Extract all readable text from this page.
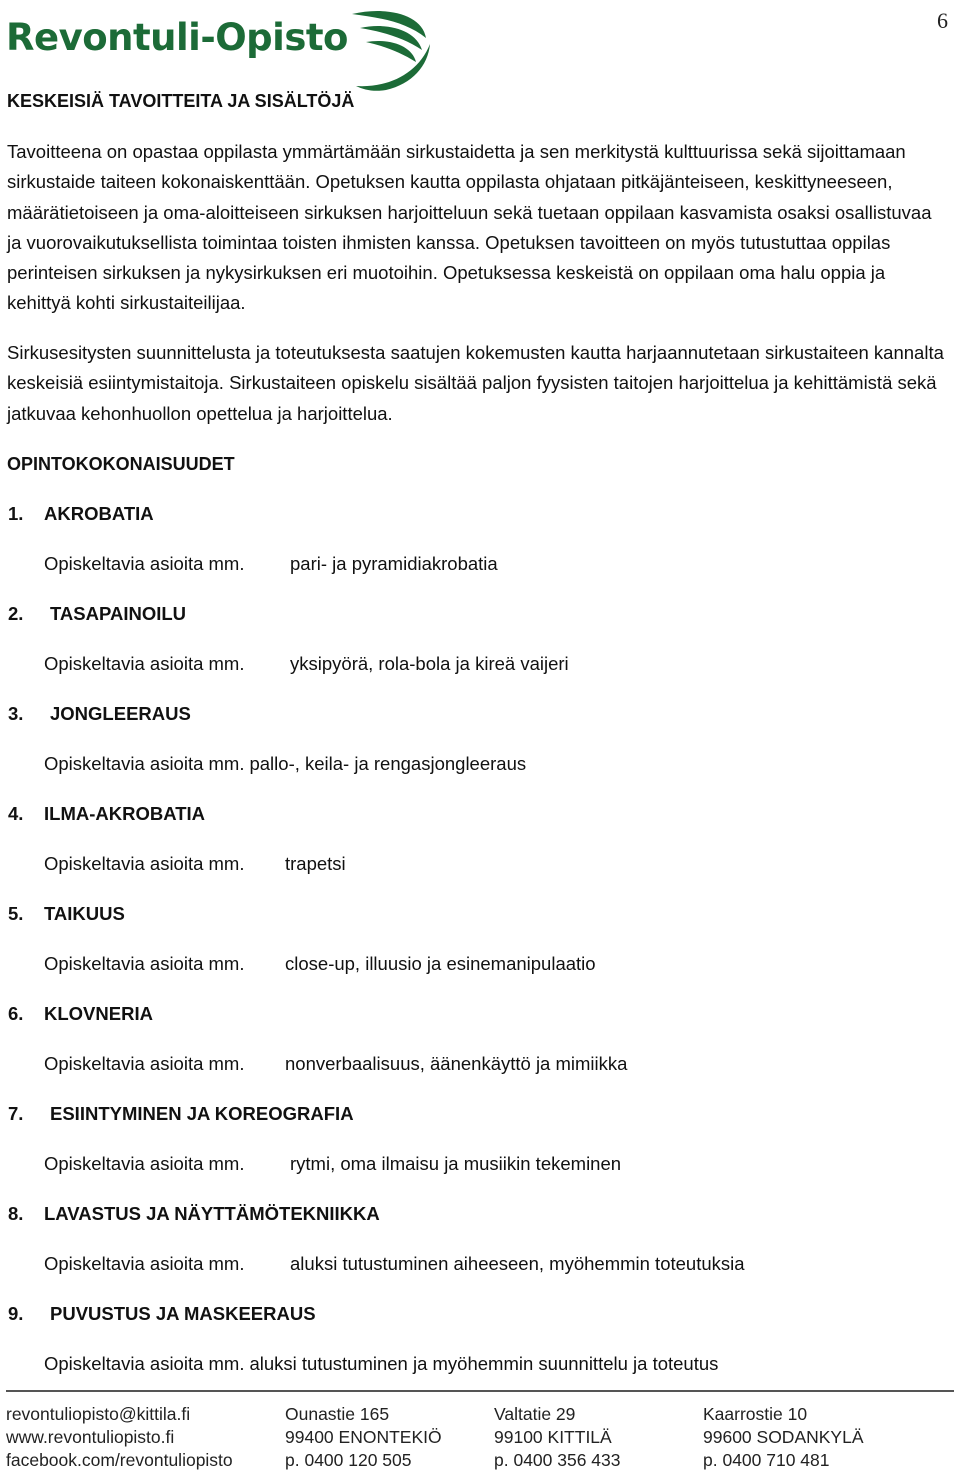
Revontuli-Opisto	6
KESKEISIÄ TAVOITTEITA JA SISÄLTÖJÄ
Tavoitteena on opastaa oppilasta ymmärtämään sirkustaidetta ja sen merkitystä kulttuurissa sekä sijoittamaan sirkustaide taiteen kokonaiskenttään. Opetuksen kautta oppilasta ohjataan pitkäjänteiseen, keskittyneeseen, määrätietoiseen ja oma-aloitteiseen sirkuksen harjoitteluun sekä tuetaan oppilaan kasvamista osaksi osallistuvaa ja vuorovaikutuksellista toimintaa toisten ihmisten kanssa. Opetuksen tavoitteen on myös tutustuttaa oppilas perinteisen sirkuksen ja nykysirkuksen eri muotoihin. Opetuksessa keskeistä on oppilaan oma halu oppia ja kehittyä kohti sirkustaiteilijaa.
Sirkusesitysten suunnittelusta ja toteutuksesta saatujen kokemusten kautta harjaannutetaan sirkustaiteen kannalta keskeisiä esiintymistaitoja. Sirkustaiteen opiskelu sisältää paljon fyysisten taitojen harjoittelua ja kehittämistä sekä jatkuvaa kehonhuollon opettelua ja harjoittelua.
OPINTOKOKONAISUUDET
1. AKROBATIA
Opiskeltavia asioita mm. pari- ja pyramidiakrobatia
2. TASAPAINOILU
Opiskeltavia asioita mm. yksipyörä, rola-bola ja kireä vaijeri
3. JONGLEERAUS
Opiskeltavia asioita mm. pallo-, keila- ja rengasjongleeraus
4. ILMA-AKROBATIA
Opiskeltavia asioita mm. trapetsi
5. TAIKUUS
Opiskeltavia asioita mm. close-up, illuusio ja esinemanipulaatio
6. KLOVNERIA
Opiskeltavia asioita mm. nonverbaalisuus, äänenkäyttö ja mimiikka
7. ESIINTYMINEN JA KOREOGRAFIA
Opiskeltavia asioita mm. rytmi, oma ilmaisu ja musiikin tekeminen
8. LAVASTUS JA NÄYTTÄMÖTEKNIIKKA
Opiskeltavia asioita mm. aluksi tutustuminen aiheeseen, myöhemmin toteutuksia
9. PUVUSTUS JA MASKEERAUS
Opiskeltavia asioita mm. aluksi tutustuminen ja myöhemmin suunnittelu ja toteutus
revontuliopisto@kittila.fi
www.revontuliopisto.fi
facebook.com/revontuliopisto
Ounastie 165
99400 ENONTEKIÖ
p. 0400 120 505
Valtatie 29
99100 KITTILÄ
p. 0400 356 433
Kaarrostie 10
99600 SODANKYLÄ
p. 0400 710 481
